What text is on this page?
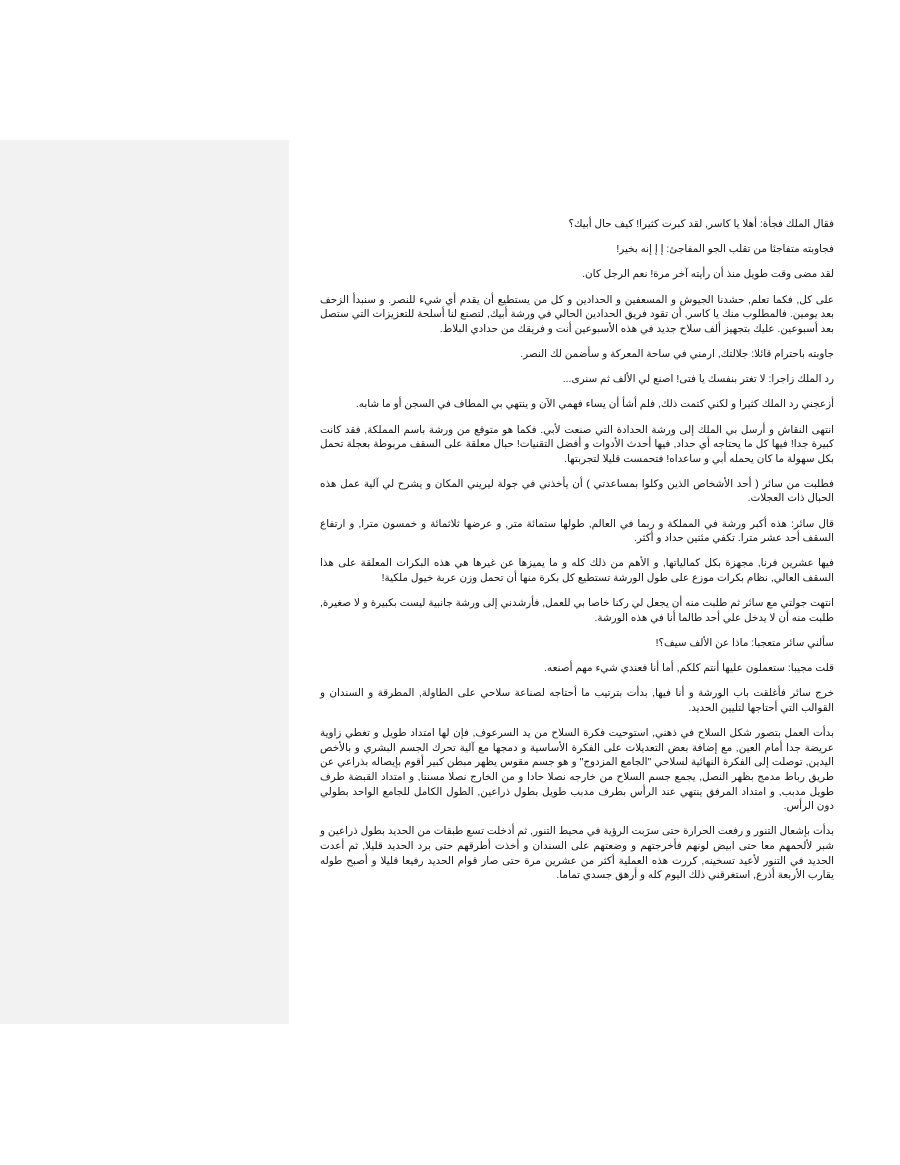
فقال الملك فجأة: أهلا يا كاسر, لقد كبرت كثيرا! كيف حال أبيك؟

فجاوبته متفاجئا من تقلب الجو المفاجئ: إ إ إنه بخير!

لقد مضى وقت طويل منذ أن رأيته آخر مرة! نعم الرجل كان.

على كل, فكما تعلم, حشدنا الجيوش و المسعفين و الحدادين و كل من يستطيع أن يقدم أي شيء للنصر. و سنبدأ الزحف بعد يومين. فالمطلوب منك يا كاسر, أن تقود فريق الحدادين الحالي في ورشة أبيك, لتصنع لنا أسلحة للتعزيزات التي ستصل بعد أسبوعين. عليك بتجهيز ألف سلاح جديد في هذه الأسبوعين أنت و فريقك من حدادي البلاط.

جاوبته باحترام قائلا: جلالتك, ارمني في ساحة المعركة و سأضمن لك النصر.

رد الملك زاجرا: لا تغتر بنفسك يا فتى! اصنع لي الألف ثم سنرى...

أزعجني رد الملك كثيرا و لكني كتمت ذلك, فلم أشأ أن يساء فهمي الآن و ينتهي بي المطاف في السجن أو ما شابه.

انتهى النقاش و أرسل بي الملك إلى ورشة الحدادة التي صنعت لأبي. فكما هو متوقع من ورشة باسم المملكة, فقد كانت كبيرة جدا! فيها كل ما يحتاجه أي حداد, فيها أحدث الأدوات و أفضل التقنيات! حبال معلقة على السقف مربوطة بعجلة تحمل بكل سهولة ما كان يحمله أبي و ساعداه! فتحمست قليلا لتجربتها.

فطلبت من سائر ( أحد الأشخاص الذين وكلوا بمساعدتي ) أن يأخذني في جولة ليريني المكان و يشرح لي آلية عمل هذه الحبال ذات العجلات.

قال سائر: هذه أكبر ورشة في المملكة و ربما في العالم, طولها ستمائة متر, و عرضها ثلاثمائة و خمسون مترا, و ارتفاع السقف أحد عشر مترا. تكفي مئتين حداد و أكثر.

فيها عشرين فرنا, مجهزة بكل كمالياتها, و الأهم من ذلك كله و ما يميزها عن غيرها هي هذه البكرات المعلقة على هذا السقف العالي, نظام بكرات موزع على طول الورشة تستطيع كل بكرة منها أن تحمل وزن عربة خيول ملكية!

انتهت جولتي مع سائر ثم طلبت منه أن يجعل لي ركنا خاصا بي للعمل, فأرشدني إلى ورشة جانبية ليست بكبيرة و لا صغيرة, طلبت منه أن لا يدخل علي أحد طالما أنا في هذه الورشة.

سألني سائر متعجبا: ماذا عن الألف سيف؟!

قلت مجيبا: ستعملون عليها أنتم كلكم, أما أنا فعندي شيء مهم أصنعه.

خرج سائر فأغلقت باب الورشة و أنا فيها, بدأت بترتيب ما أحتاجه لصناعة سلاحي على الطاولة, المطرقة و السندان و القوالب التي أحتاجها لتليين الحديد.

بدأت العمل بتصور شكل السلاح في ذهني, استوحيت فكرة السلاح من يد السرعوف, فإن لها امتداد طويل و تغطي زاوية عريضة جدا أمام العين, مع إضافة بعض التعديلات على الفكرة الأساسية و دمجها مع آلية تحرك الجسم البشري و بالأخص اليدين, توصلت إلى الفكرة النهائية لسلاحي "الجامع المزدوج" و هو جسم مقوس يظهر مبطن كبير أقوم بإيصاله بذراعي عن طريق رباط مدمج بظهر النصل, يجمع جسم السلاح من خارجه نصلا حادا و من الخارج نصلا مسننا, و امتداد القبضة طرف طويل مدبب, و امتداد المرفق ينتهي عند الرأس بطرف مدبب طويل بطول ذراعين, الطول الكامل للجامع الواحد بطولي دون الرأس.

بدأت بإشعال التنور و رفعت الحرارة حتى سرَبت الرؤية في محيط التنور, ثم أدخلت تسع طبقات من الحديد بطول ذراعين و شبر لألحمهم معا حتى ابيض لونهم فأخرجتهم و وضعتهم على السندان و أخذت أطرقهم حتى برد الحديد قليلا, ثم أعدت الحديد في التنور لأعيد تسخينه, كررت هذه العملية أكثر من عشرين مرة حتى صار قوام الحديد رفيعا قليلا و أصبح طوله يقارب الأربعة أذرع, استغرقني ذلك اليوم كله و أرهق جسدي تماما.
